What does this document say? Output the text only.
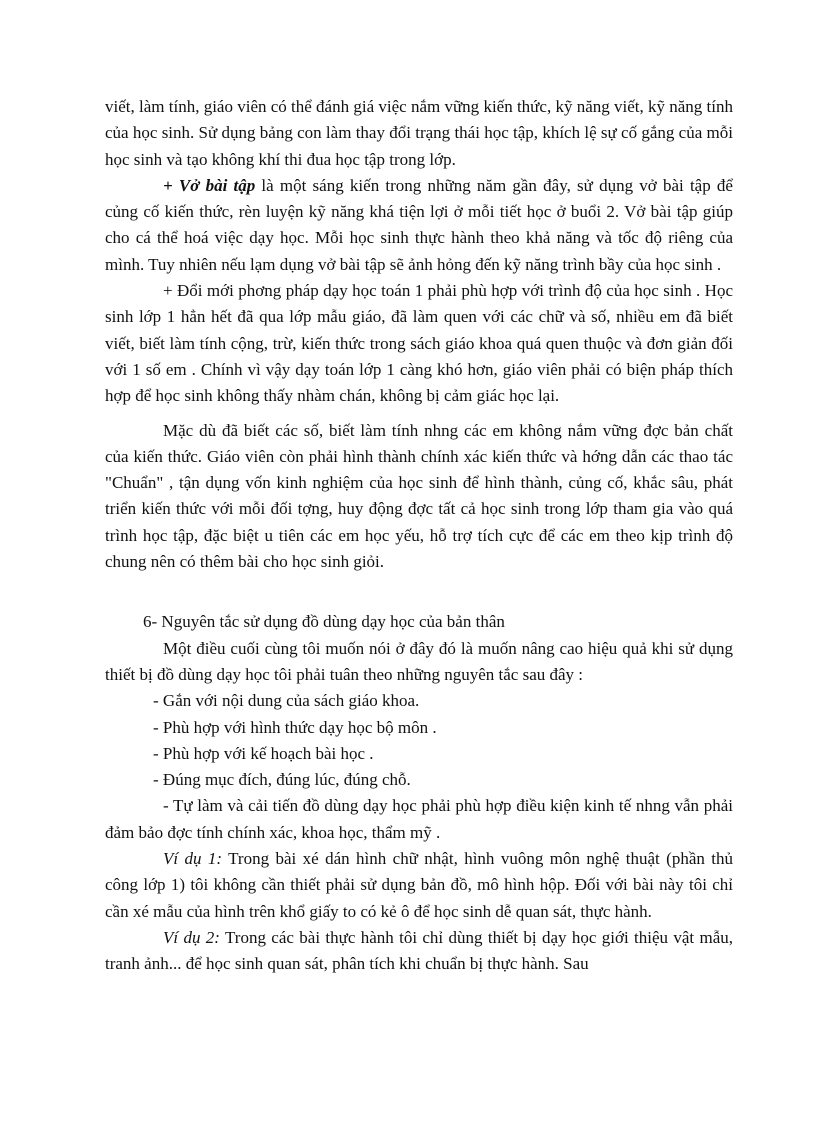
viết, làm tính, giáo viên có thể đánh giá việc nắm vững kiến thức, kỹ năng viết, kỹ năng tính của học sinh. Sử dụng bảng con làm thay đổi trạng thái học tập, khích lệ sự cố gắng của mỗi học sinh và tạo không khí thi đua học tập trong lớp.

+ Vở bài tập là một sáng kiến trong những năm gần đây, sử dụng vở bài tập để củng cố kiến thức, rèn luyện kỹ năng khá tiện lợi ở mỗi tiết học ở buổi 2. Vở bài tập giúp cho cá thể hoá việc dạy học. Mỗi học sinh thực hành theo khả năng và tốc độ riêng của mình. Tuy nhiên nếu lạm dụng vở bài tập sẽ ảnh hỏng đến kỹ năng trình bầy của học sinh .

+ Đổi mới phơng pháp dạy học toán 1 phải phù hợp với trình độ của học sinh . Học sinh lớp 1 hẳn hết đã qua lớp mẫu giáo, đã làm quen với các chữ và số, nhiều em đã biết viết, biết làm tính cộng, trừ, kiến thức trong sách giáo khoa quá quen thuộc và đơn giản đối với 1 số em . Chính vì vậy dạy toán lớp 1 càng khó hơn, giáo viên phải có biện pháp thích hợp để học sinh không thấy nhàm chán, không bị cảm giác học lại.

Mặc dù đã biết các số, biết làm tính nhng các em không nắm vững đợc bản chất của kiến thức. Giáo viên còn phải hình thành chính xác kiến thức và hớng dẫn các thao tác "Chuẩn" , tận dụng vốn kinh nghiệm của học sinh để hình thành, củng cố, khắc sâu, phát triển kiến thức với mỗi đối tợng, huy động đợc tất cả học sinh trong lớp tham gia vào quá trình học tập, đặc biệt u tiên các em học yếu, hỗ trợ tích cực để các em theo kịp trình độ chung nên có thêm bài cho học sinh giỏi.

6- Nguyên tắc sử dụng đồ dùng dạy học của bản thân

Một điều cuối cùng tôi muốn nói ở đây đó là muốn nâng cao hiệu quả khi sử dụng thiết bị đồ dùng dạy học tôi phải tuân theo những nguyên tắc sau đây :

- Gắn với nội dung của sách giáo khoa.

- Phù hợp với hình thức dạy học bộ môn .

- Phù hợp với kế hoạch bài học .

- Đúng mục đích, đúng lúc, đúng chỗ.

- Tự làm và cải tiến đồ dùng dạy học phải phù hợp điều kiện kinh tế nhng vẫn phải đảm bảo đợc tính chính xác, khoa học, thẩm mỹ .

Ví dụ 1: Trong bài xé dán hình chữ nhật, hình vuông môn nghệ thuật (phần thủ công lớp 1) tôi không cần thiết phải sử dụng bản đồ, mô hình hộp. Đối với bài này tôi chỉ cần xé mẫu của hình trên khổ giấy to có kẻ ô để học sinh dễ quan sát, thực hành.

Ví dụ 2: Trong các bài thực hành tôi chỉ dùng thiết bị dạy học giới thiệu vật mẫu, tranh ảnh... để học sinh quan sát, phân tích khi chuẩn bị thực hành. Sau
